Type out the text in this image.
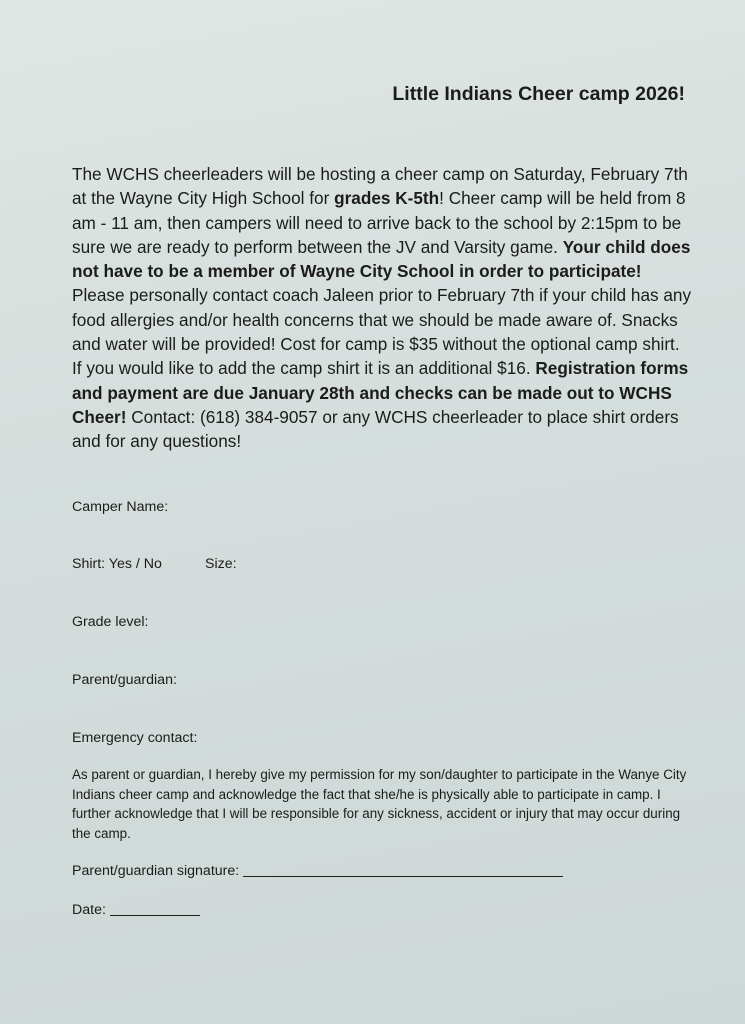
Little Indians Cheer camp 2026!

The WCHS cheerleaders will be hosting a cheer camp on Saturday, February 7th at the Wayne City High School for grades K-5th! Cheer camp will be held from 8 am - 11 am, then campers will need to arrive back to the school by 2:15pm to be sure we are ready to perform between the JV and Varsity game. Your child does not have to be a member of Wayne City School in order to participate! Please personally contact coach Jaleen prior to February 7th if your child has any food allergies and/or health concerns that we should be made aware of. Snacks and water will be provided! Cost for camp is $35 without the optional camp shirt. If you would like to add the camp shirt it is an additional $16. Registration forms and payment are due January 28th and checks can be made out to WCHS Cheer! Contact: (618) 384-9057 or any WCHS cheerleader to place shirt orders and for any questions!

Camper Name:
Shirt: Yes / No	Size:
Grade level:
Parent/guardian:
Emergency contact:

As parent or guardian, I hereby give my permission for my son/daughter to participate in the Wanye City Indians cheer camp and acknowledge the fact that she/he is physically able to participate in camp. I further acknowledge that I will be responsible for any sickness, accident or injury that may occur during the camp.

Parent/guardian signature:
Date:
